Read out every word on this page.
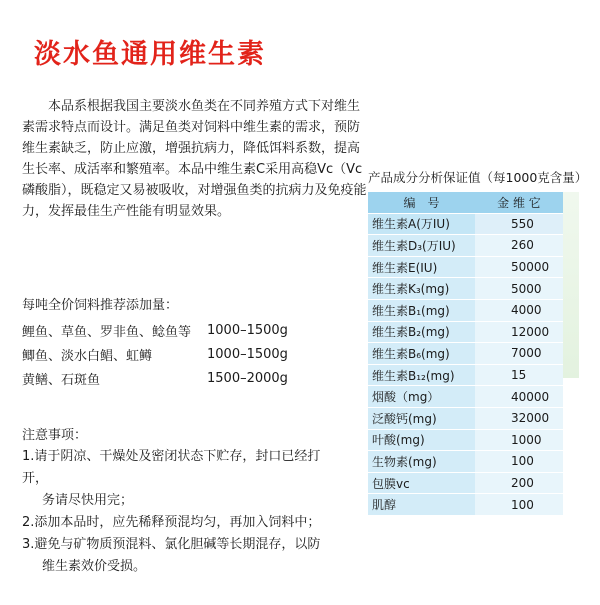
淡水鱼通用维生素

　　本品系根据我国主要淡水鱼类在不同养殖方式下对维生素需求特点而设计。满足鱼类对饲料中维生素的需求，预防维生素缺乏，防止应激，增强抗病力，降低饵料系数，提高生长率、成活率和繁殖率。本品中维生素C采用高稳Vc（Vc磷酸脂），既稳定又易被吸收，对增强鱼类的抗病力及免疫能力，发挥最佳生产性能有明显效果。

每吨全价饲料推荐添加量：

鲤鱼、草鱼、罗非鱼、鲶鱼等	1000–1500g
鲫鱼、淡水白鲳、虹鳟	1000–1500g
黄鳝、石斑鱼	1500–2000g

注意事项：

1.请于阴凉、干燥处及密闭状态下贮存，封口已经打开，
务请尽快用完；
2.添加本品时，应先稀释预混均匀，再加入饲料中；
3.避免与矿物质预混料、氯化胆碱等长期混存，以防
维生素效价受损。

产品成分分析保证值（每1000克含量）

编　号	金 维 它
维生素A(万IU)	550
维生素D₃(万IU)	260
维生素E(IU)	50000
维生素K₃(mg)	5000
维生素B₁(mg)	4000
维生素B₂(mg)	12000
维生素B₆(mg)	7000
维生素B₁₂(mg)	15
烟酸（mg）	40000
泛酸钙(mg)	32000
叶酸(mg)	1000
生物素(mg)	100
包膜vc	200
肌醇	100
